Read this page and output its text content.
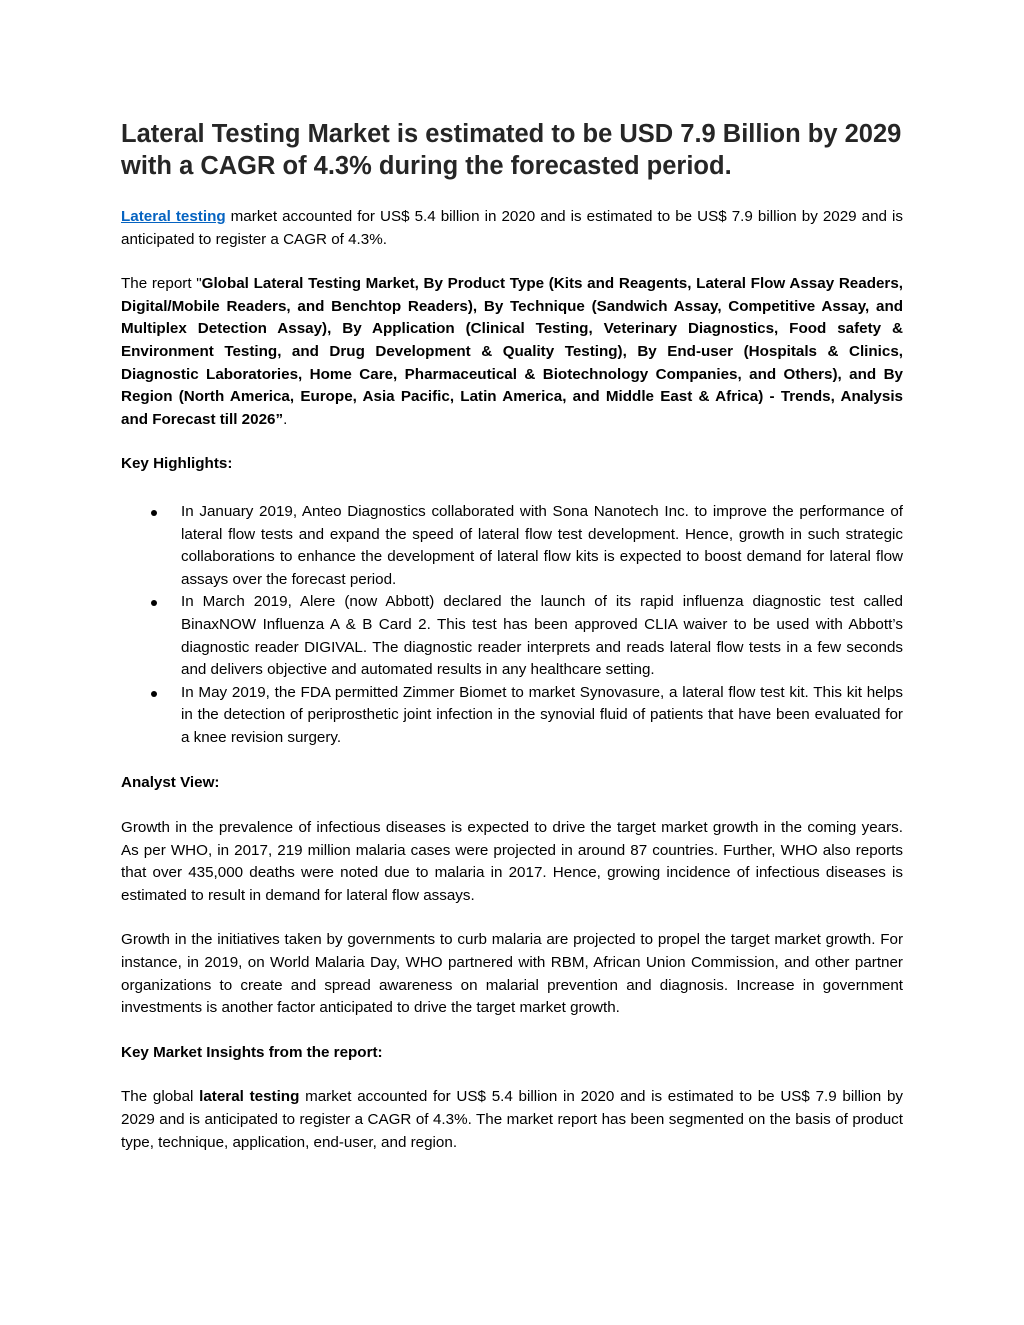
Lateral Testing Market is estimated to be USD 7.9 Billion by 2029 with a CAGR of 4.3% during the forecasted period.

Lateral testing market accounted for US$ 5.4 billion in 2020 and is estimated to be US$ 7.9 billion by 2029 and is anticipated to register a CAGR of 4.3%.

The report "Global Lateral Testing Market, By Product Type (Kits and Reagents, Lateral Flow Assay Readers, Digital/Mobile Readers, and Benchtop Readers), By Technique (Sandwich Assay, Competitive Assay, and Multiplex Detection Assay), By Application (Clinical Testing, Veterinary Diagnostics, Food safety & Environment Testing, and Drug Development & Quality Testing), By End-user (Hospitals & Clinics, Diagnostic Laboratories, Home Care, Pharmaceutical & Biotechnology Companies, and Others), and By Region (North America, Europe, Asia Pacific, Latin America, and Middle East & Africa) - Trends, Analysis and Forecast till 2026”.

Key Highlights:

In January 2019, Anteo Diagnostics collaborated with Sona Nanotech Inc. to improve the performance of lateral flow tests and expand the speed of lateral flow test development. Hence, growth in such strategic collaborations to enhance the development of lateral flow kits is expected to boost demand for lateral flow assays over the forecast period.
In March 2019, Alere (now Abbott) declared the launch of its rapid influenza diagnostic test called BinaxNOW Influenza A & B Card 2. This test has been approved CLIA waiver to be used with Abbott’s diagnostic reader DIGIVAL. The diagnostic reader interprets and reads lateral flow tests in a few seconds and delivers objective and automated results in any healthcare setting.
In May 2019, the FDA permitted Zimmer Biomet to market Synovasure, a lateral flow test kit. This kit helps in the detection of periprosthetic joint infection in the synovial fluid of patients that have been evaluated for a knee revision surgery.

Analyst View:

Growth in the prevalence of infectious diseases is expected to drive the target market growth in the coming years. As per WHO, in 2017, 219 million malaria cases were projected in around 87 countries. Further, WHO also reports that over 435,000 deaths were noted due to malaria in 2017. Hence, growing incidence of infectious diseases is estimated to result in demand for lateral flow assays.

Growth in the initiatives taken by governments to curb malaria are projected to propel the target market growth. For instance, in 2019, on World Malaria Day, WHO partnered with RBM, African Union Commission, and other partner organizations to create and spread awareness on malarial prevention and diagnosis. Increase in government investments is another factor anticipated to drive the target market growth.

Key Market Insights from the report:

The global lateral testing market accounted for US$ 5.4 billion in 2020 and is estimated to be US$ 7.9 billion by 2029 and is anticipated to register a CAGR of 4.3%. The market report has been segmented on the basis of product type, technique, application, end-user, and region.
